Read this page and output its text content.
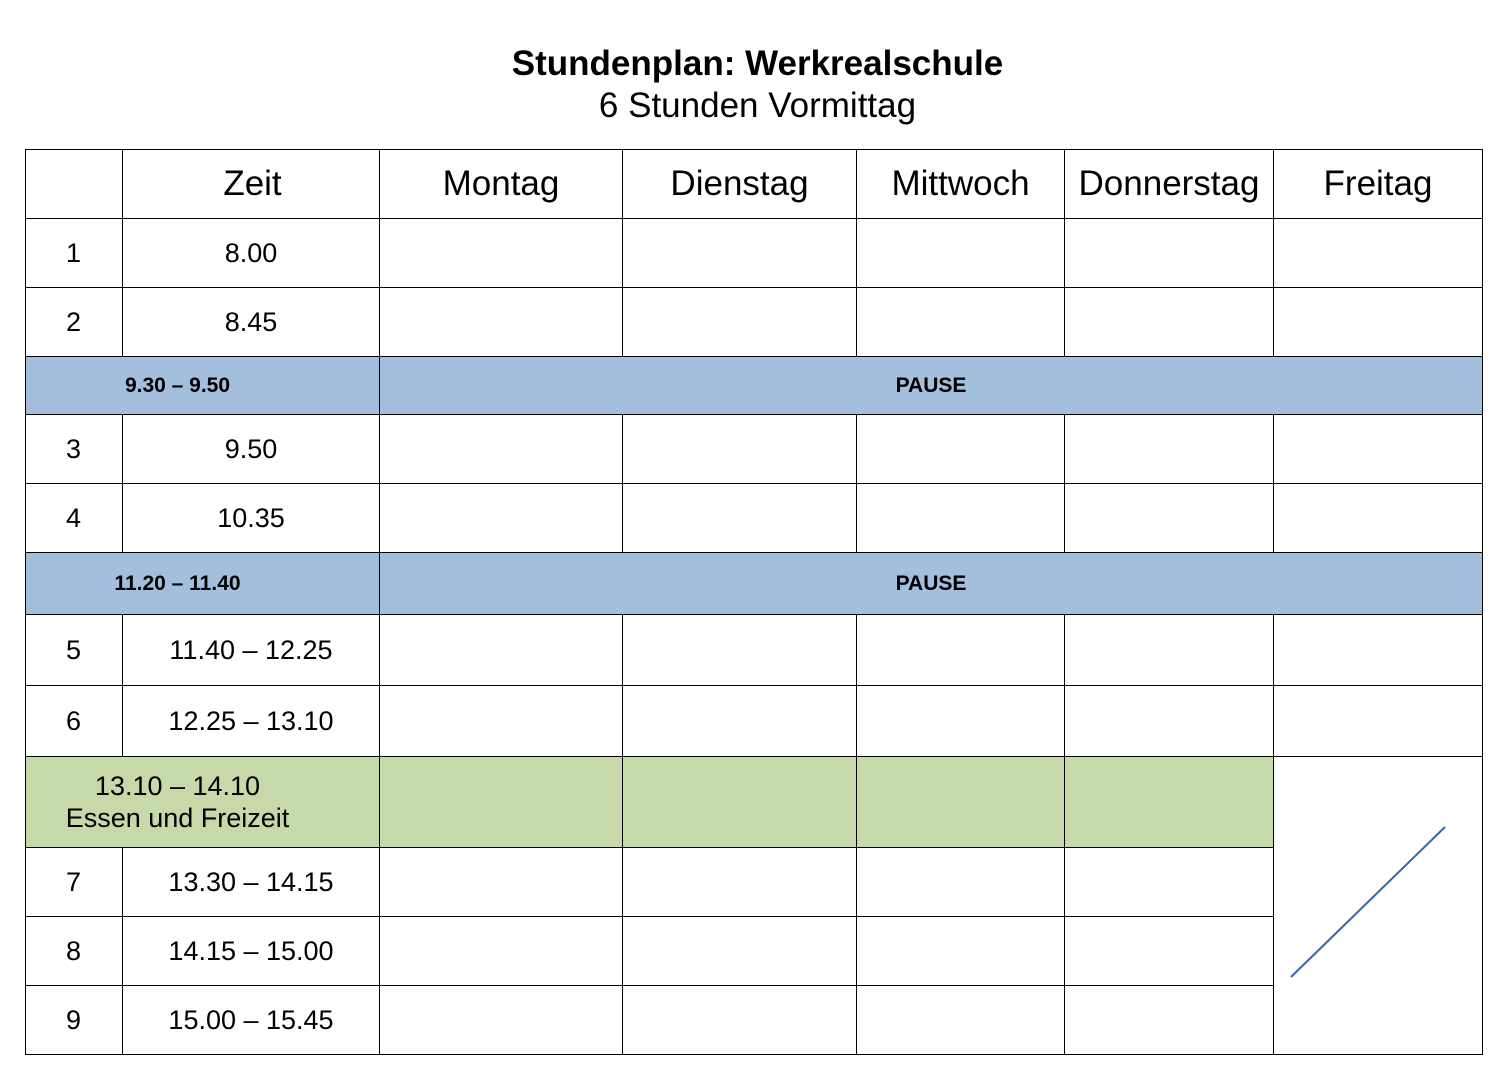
Stundenplan: Werkrealschule
6 Stunden Vormittag
	Zeit	Montag	Dienstag	Mittwoch	Donnerstag	Freitag
1	8.00					
2	8.45					
9.30 – 9.50		PAUSE				
3	9.50					
4	10.35					
11.20 – 11.40		PAUSE				
5	11.40 – 12.25					
6	12.25 – 13.10					

13.10 – 14.10
Essen und Freizeit

7	13.30 – 14.15					
8	14.15 – 15.00					
9	15.00 – 15.45					
